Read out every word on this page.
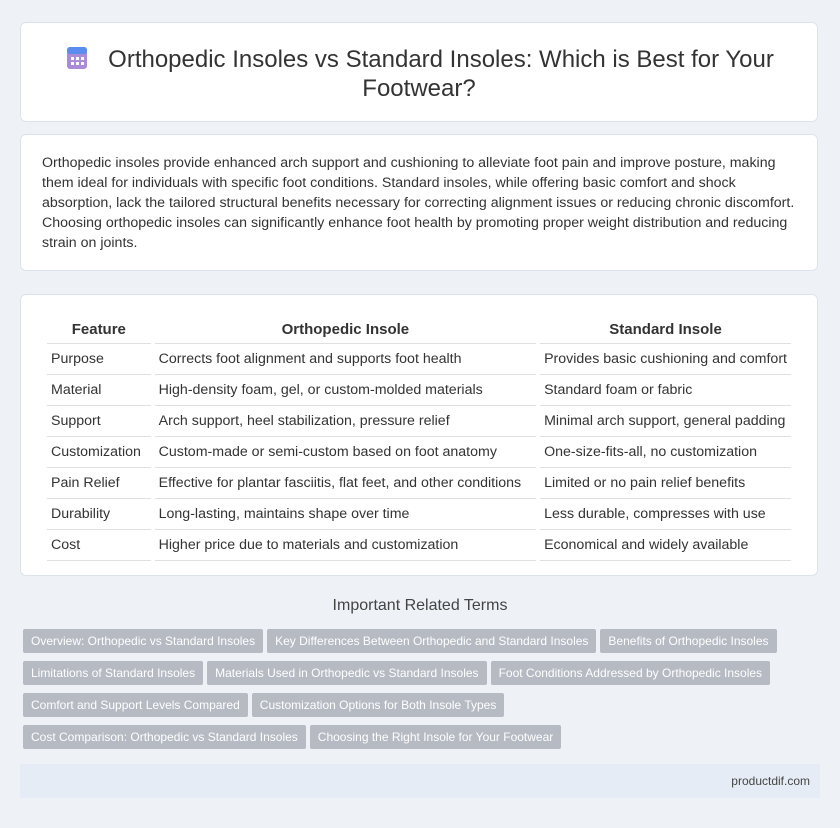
Orthopedic Insoles vs Standard Insoles: Which is Best for Your Footwear?
Orthopedic insoles provide enhanced arch support and cushioning to alleviate foot pain and improve posture, making them ideal for individuals with specific foot conditions. Standard insoles, while offering basic comfort and shock absorption, lack the tailored structural benefits necessary for correcting alignment issues or reducing chronic discomfort. Choosing orthopedic insoles can significantly enhance foot health by promoting proper weight distribution and reducing strain on joints.
Feature	Orthopedic Insole	Standard Insole
Purpose	Corrects foot alignment and supports foot health	Provides basic cushioning and comfort
Material	High-density foam, gel, or custom-molded materials	Standard foam or fabric
Support	Arch support, heel stabilization, pressure relief	Minimal arch support, general padding
Customization	Custom-made or semi-custom based on foot anatomy	One-size-fits-all, no customization
Pain Relief	Effective for plantar fasciitis, flat feet, and other conditions	Limited or no pain relief benefits
Durability	Long-lasting, maintains shape over time	Less durable, compresses with use
Cost	Higher price due to materials and customization	Economical and widely available
Important Related Terms
Overview: Orthopedic vs Standard Insoles Key Differences Between Orthopedic and Standard Insoles Benefits of Orthopedic InsolesLimitations of Standard Insoles Materials Used in Orthopedic vs Standard Insoles Foot Conditions Addressed by Orthopedic InsolesComfort and Support Levels Compared Customization Options for Both Insole TypesCost Comparison: Orthopedic vs Standard Insoles Choosing the Right Insole for Your Footwear
productdif.com
